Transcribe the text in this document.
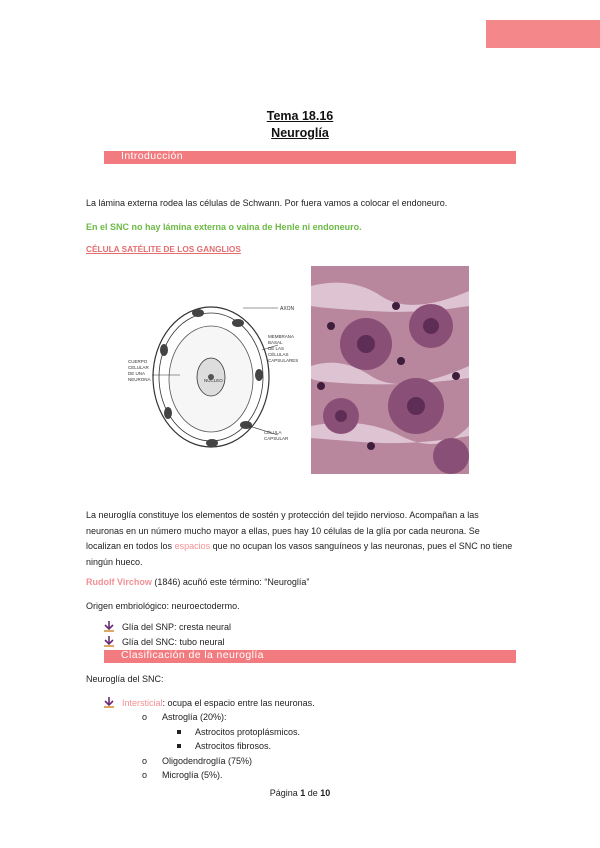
Tema 18.16
Neuroglía
Introducción
La lámina externa rodea las células de Schwann. Por fuera vamos a colocar el endoneuro.
En el SNC no hay lámina externa o vaina de Henle ni endoneuro.
CÉLULA SATÉLITE DE LOS GANGLIOS
AXON
MEMBRANA BASAL DE LAS CÉLULAS CAPSULARES
CUERPO CELULAR DE UNA NEURONA	NUCLEO
CÉLULA CAPSULAR
La neuroglía constituye los elementos de sostén y protección del tejido nervioso. Acompañan a las neuronas en un número mucho mayor a ellas, pues hay 10 células de la glía por cada neurona. Se localizan en todos los espacios que no ocupan los vasos sanguíneos y las neuronas, pues el SNC no tiene ningún hueco.
Rudolf Virchow (1846) acuñó este término: “Neuroglía”
Origen embriológico: neuroectodermo.
Glía del SNP: cresta neural
Glía del SNC: tubo neural
Clasificación de la neuroglía
Neuroglía del SNC:
Intersticial : ocupa el espacio entre las neuronas.
o	Astroglía (20%):
Astrocitos protoplásmicos.
Astrocitos fibrosos.
o	Oligodendroglía (75%)
o	Microglía (5%).
Página 1 de 10
